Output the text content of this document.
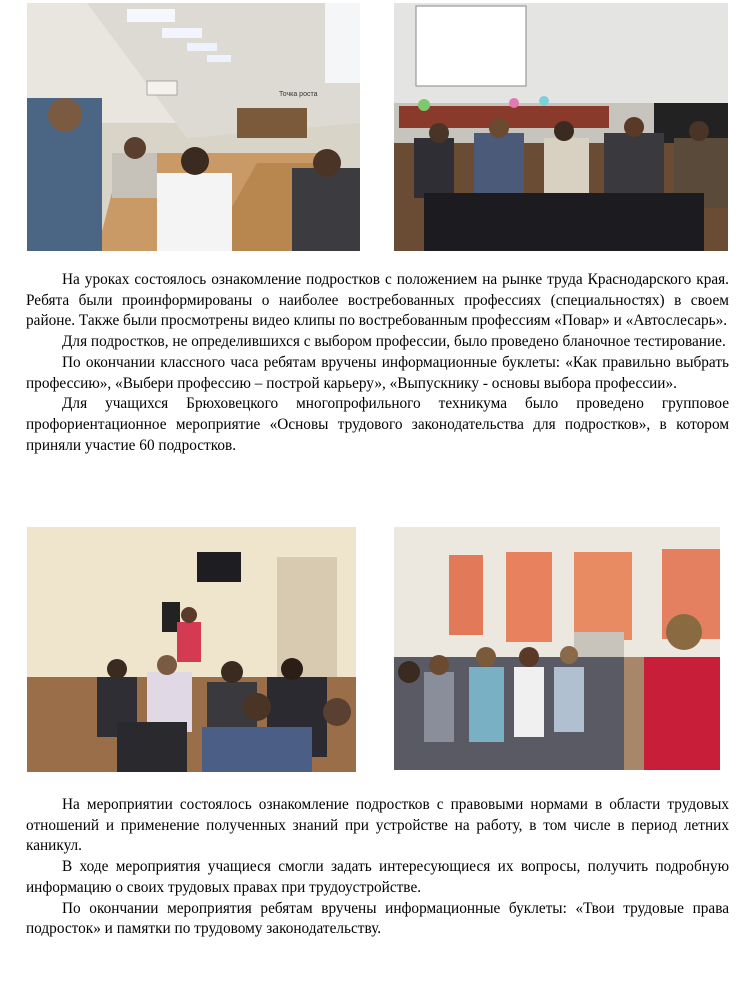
Точка роста

На уроках состоялось ознакомление подростков с положением на рынке труда Краснодарского края. Ребята были проинформированы о наиболее востребованных профессиях (специальностях) в своем районе. Также были просмотрены видео клипы по востребованным профессиям «Повар» и «Автослесарь».

Для подростков, не определившихся с выбором профессии, было проведено бланочное тестирование.

По окончании классного часа ребятам вручены информационные буклеты: «Как правильно выбрать профессию», «Выбери профессию – построй карьеру», «Выпускнику - основы выбора профессии».

Для учащихся Брюховецкого многопрофильного техникума было проведено групповое профориентационное мероприятие «Основы трудового законодательства для подростков», в котором приняли участие 60 подростков.

На мероприятии состоялось ознакомление подростков с правовыми нормами в области трудовых отношений и применение полученных знаний при устройстве на работу, в том числе в период летних каникул.

В ходе мероприятия учащиеся смогли задать интересующиеся их вопросы, получить подробную информацию о своих трудовых правах при трудоустройстве.

По окончании мероприятия ребятам вручены информационные буклеты: «Твои трудовые права подросток» и памятки по трудовому законодательству.
